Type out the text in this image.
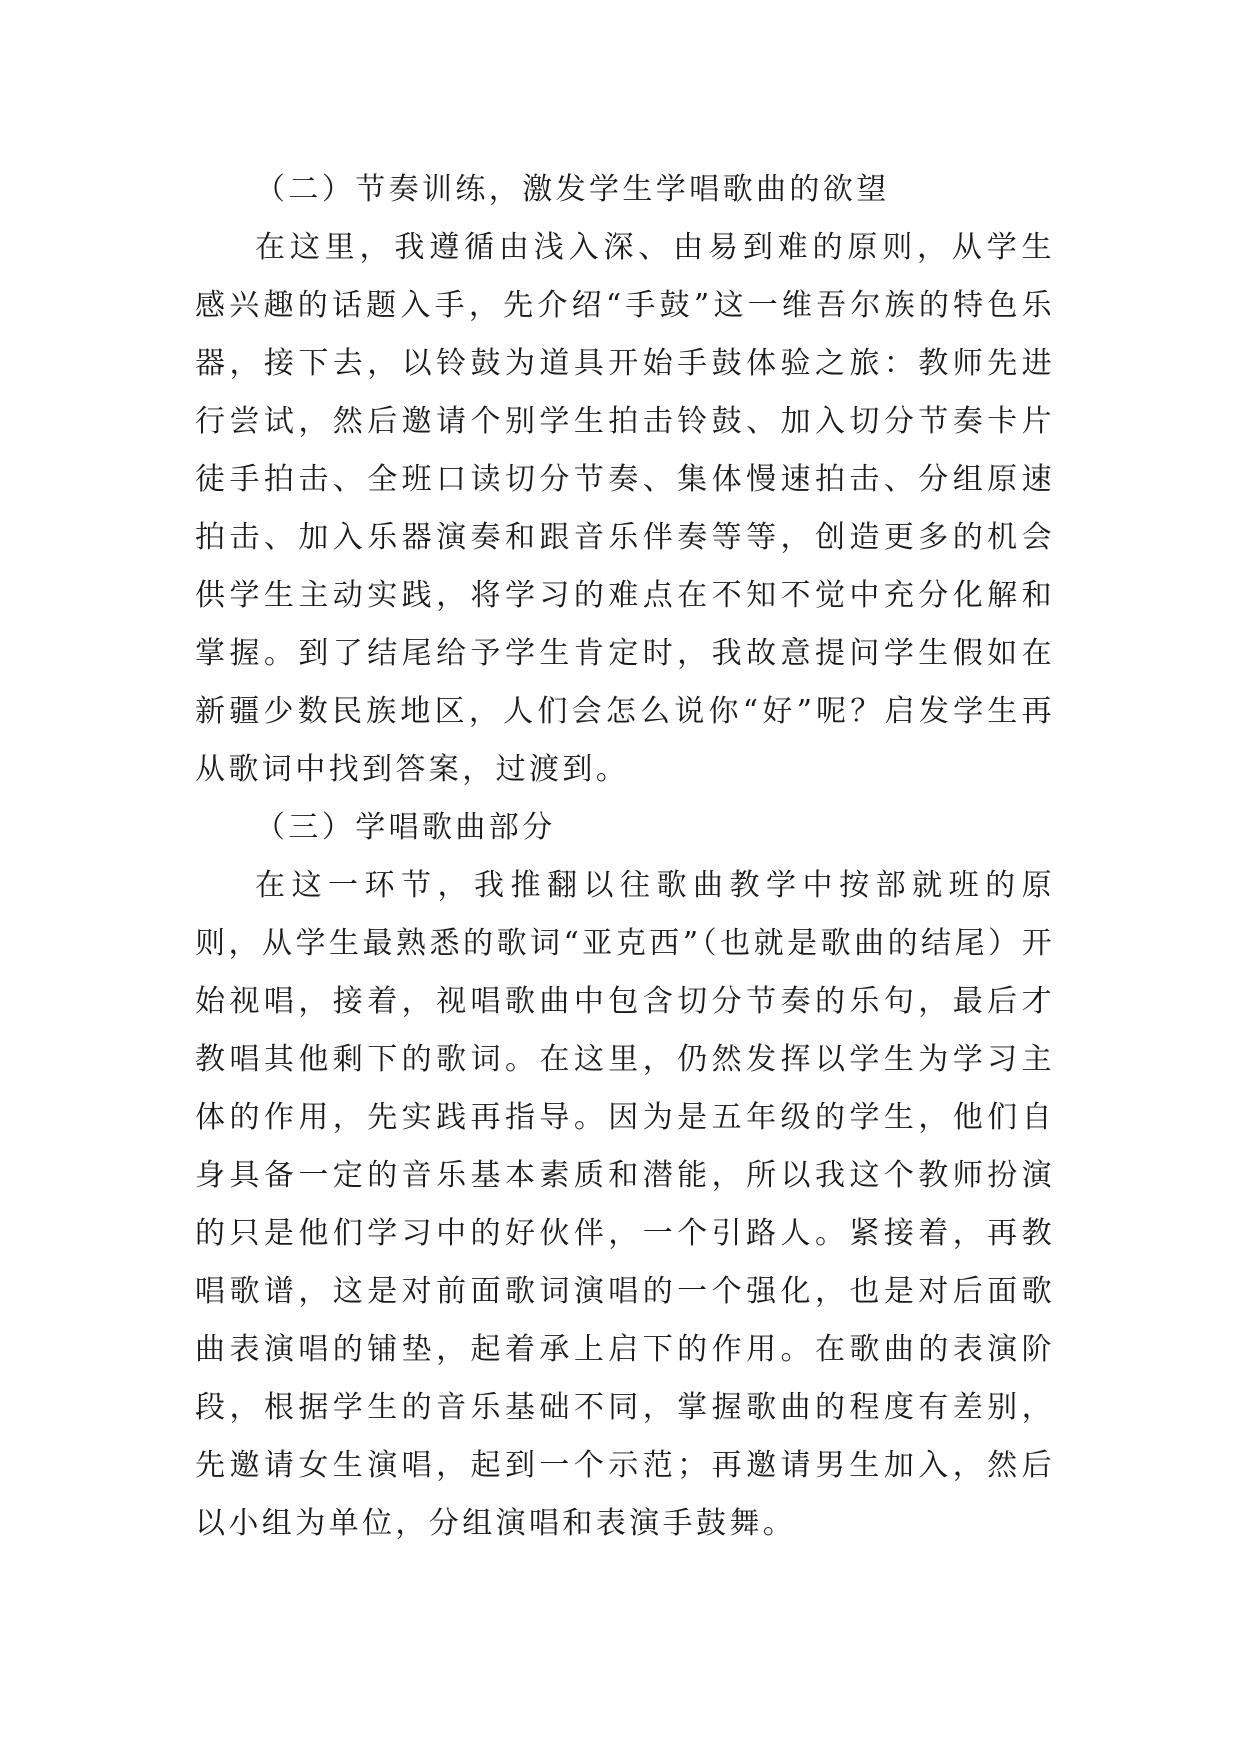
（二）节奏训练，激发学生学唱歌曲的欲望

在这里，我遵循由浅入深、由易到难的原则，从学生感兴趣的话题入手，先介绍“手鼓”这一维吾尔族的特色乐器，接下去，以铃鼓为道具开始手鼓体验之旅：教师先进行尝试，然后邀请个别学生拍击铃鼓、加入切分节奏卡片徒手拍击、全班口读切分节奏、集体慢速拍击、分组原速拍击、加入乐器演奏和跟音乐伴奏等等，创造更多的机会供学生主动实践，将学习的难点在不知不觉中充分化解和掌握。到了结尾给予学生肯定时，我故意提问学生假如在新疆少数民族地区，人们会怎么说你“好”呢？启发学生再从歌词中找到答案，过渡到。

（三）学唱歌曲部分

在这一环节，我推翻以往歌曲教学中按部就班的原则，从学生最熟悉的歌词“亚克西”（也就是歌曲的结尾）开始视唱，接着，视唱歌曲中包含切分节奏的乐句，最后才教唱其他剩下的歌词。在这里，仍然发挥以学生为学习主体的作用，先实践再指导。因为是五年级的学生，他们自身具备一定的音乐基本素质和潜能，所以我这个教师扮演的只是他们学习中的好伙伴，一个引路人。紧接着，再教唱歌谱，这是对前面歌词演唱的一个强化，也是对后面歌曲表演唱的铺垫，起着承上启下的作用。在歌曲的表演阶段，根据学生的音乐基础不同，掌握歌曲的程度有差别，先邀请女生演唱，起到一个示范；再邀请男生加入，然后以小组为单位，分组演唱和表演手鼓舞。
